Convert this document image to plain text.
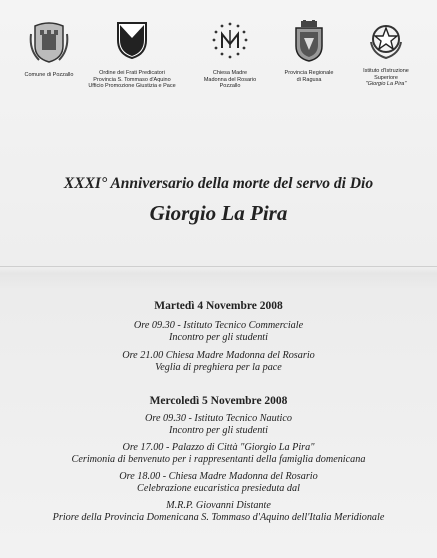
Comune di Pozzallo	Ordine dei Frati Predicatori
Provincia S. Tommaso d'Aquino
Ufficio Promozione Giustizia e Pace
Chiesa Madre
Madonna del Rosario
Pozzallo
Provincia Regionale
di Ragusa
Istituto d'Istruzione
Superiore
"Giorgio La Pira"
XXXI° Anniversario della morte del servo di Dio
Giorgio La Pira
Martedì 4 Novembre 2008
Ore 09.30 - Istituto Tecnico Commerciale
Incontro per gli studenti
Ore 21.00 Chiesa Madre Madonna del Rosario
Veglia di preghiera per la pace
Mercoledì 5 Novembre 2008
Ore 09.30 - Istituto Tecnico Nautico
Incontro per gli studenti
Ore 17.00 - Palazzo di Città "Giorgio La Pira"
Cerimonia di benvenuto per i rappresentanti della famiglia domenicana
Ore 18.00 - Chiesa Madre Madonna del Rosario
Celebrazione eucaristica presieduta dal
M.R.P. Giovanni Distante
Priore della Provincia Domenicana S. Tommaso d'Aquino dell'Italia Meridionale
